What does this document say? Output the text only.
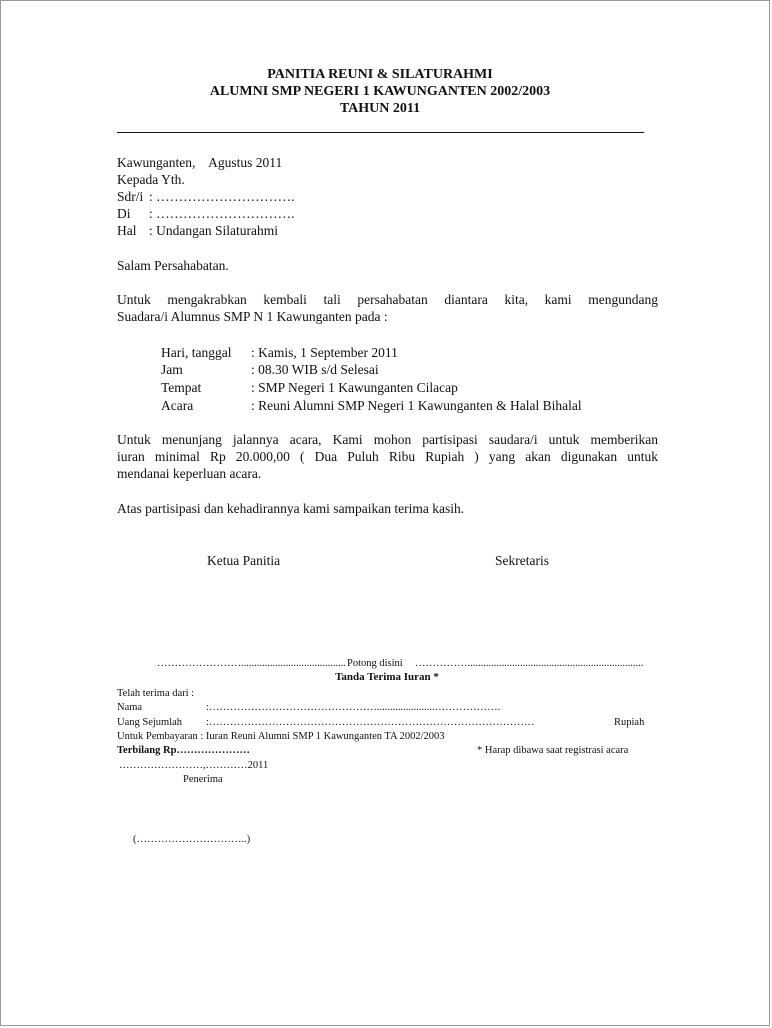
PANITIA REUNI & SILATURAHMI
ALUMNI SMP NEGERI 1 KAWUNGANTEN 2002/2003
TAHUN 2011
Kawunganten,    Agustus 2011
Kepada Yth.
Sdr/i : ………………………….
Di : ………………………….
Hal : Undangan Silaturahmi
Salam Persahabatan.
Untuk mengakrabkan kembali tali persahabatan diantara kita, kami mengundang
Suadara/i Alumnus SMP N 1 Kawunganten pada :
Hari, tanggal : Kamis, 1 September 2011
Jam	: 08.30 WIB s/d Selesai
Tempat	: SMP Negeri 1 Kawunganten Cilacap
Acara	: Reuni Alumni SMP Negeri 1 Kawunganten & Halal Bihalal
Untuk menunjang jalannya acara, Kami mohon partisipasi saudara/i untuk memberikan
iuran minimal Rp 20.000,00 ( Dua Puluh Ribu Rupiah ) yang akan digunakan untuk
mendanai keperluan acara.
Atas partisipasi dan kehadirannya kami sampaikan terima kasih.
Ketua Panitia	Sekretaris
……………………........................................ Potong disini ……………...................................................................
Tanda Terima Iuran *
Telah terima dari :
Nama	:…………………………………………......................……………….
Uang Sejumlah :…………………………………………………………………………………	Rupiah
Untuk Pembayaran : Iuran Reuni Alumni SMP 1 Kawunganten TA 2002/2003
Terbilang Rp…………………	* Harap dibawa saat registrasi acara
……………………,…………2011
Penerima
(…………………………..)
